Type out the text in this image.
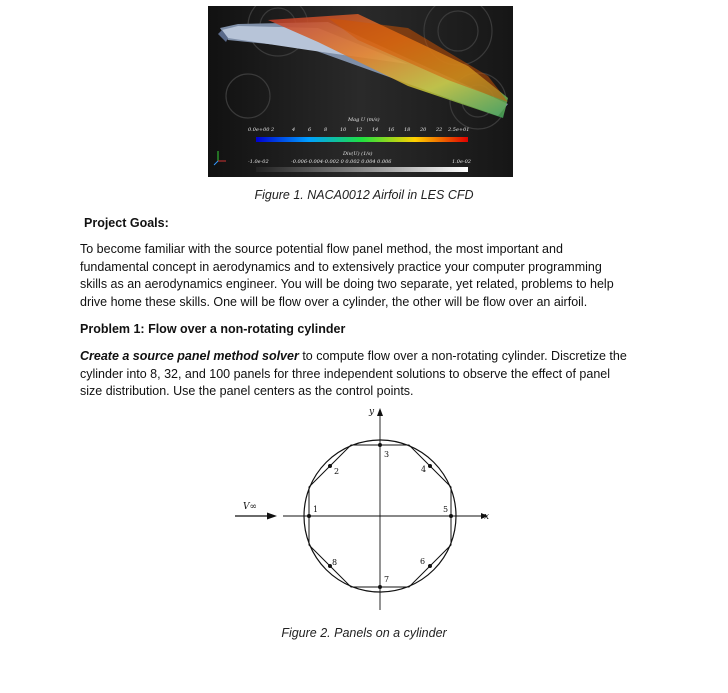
Mag U (m/s)
0.0e+00 2	4	6	8	10 12 14 16 18 20 22 2.5e+01
Div(U) (1/s)
-1.0e-02	-0.006-0.004-0.002 0 0.002 0.004 0.006	1.0e-02
Figure 1. NACA0012 Airfoil in LES CFD
Project Goals:
To become familiar with the source potential flow panel method, the most important and
fundamental concept in aerodynamics and to extensively practice your computer programming
skills as an aerodynamics engineer. You will be doing two separate, yet related, problems to help
drive home these skills. One will be flow over a cylinder, the other will be flow over an airfoil.
Problem 1: Flow over a non-rotating cylinder
Create a source panel method solver to compute flow over a non-rotating cylinder. Discretize the
cylinder into 8, 32, and 100 panels for three independent solutions to observe the effect of panel
size distribution. Use the panel centers as the control points.
1
2
3
4
5
6
7
8
x
y
V∞
Figure 2. Panels on a cylinder
